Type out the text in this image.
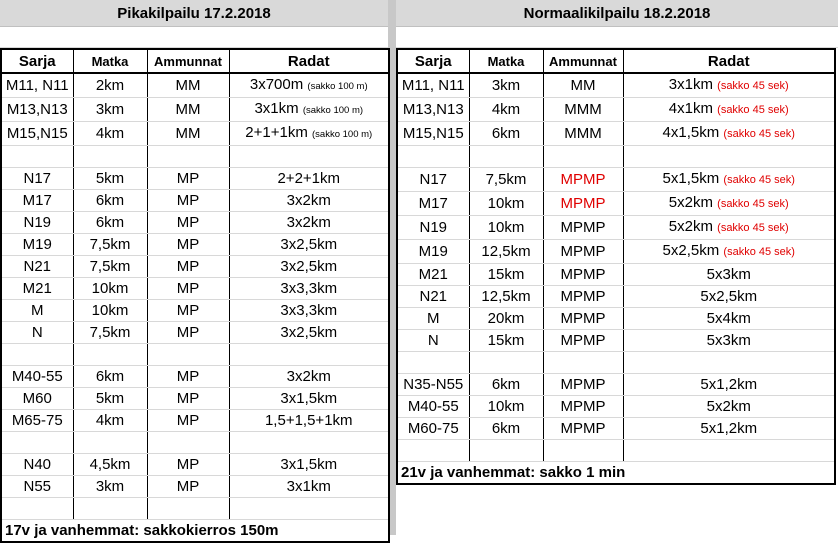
Pikakilpailu 17.2.2018
Sarja	Matka	Ammunnat	Radat
M11, N11	2km	MM	3x700m (sakko 100 m)
M13,N13	3km	MM	3x1km (sakko 100 m)
M15,N15	4km	MM	2+1+1km (sakko 100 m)

N17	5km	MP	2+2+1km
M17	6km	MP	3x2km
N19	6km	MP	3x2km
M19	7,5km	MP	3x2,5km
N21	7,5km	MP	3x2,5km
M21	10km	MP	3x3,3km
M	10km	MP	3x3,3km
N	7,5km	MP	3x2,5km

M40-55	6km	MP	3x2km
M60	5km	MP	3x1,5km
M65-75	4km	MP	1,5+1,5+1km

N40	4,5km	MP	3x1,5km
N55	3km	MP	3x1km

17v ja vanhemmat: sakkokierros 150m			
Normaalikilpailu 18.2.2018
Sarja	Matka	Ammunnat	Radat
M11, N11	3km	MM	3x1km (sakko 45 sek)
M13,N13	4km	MMM	4x1km (sakko 45 sek)
M15,N15	6km	MMM	4x1,5km (sakko 45 sek)

N17	7,5km	MPMP	5x1,5km (sakko 45 sek)
M17	10km	MPMP	5x2km (sakko 45 sek)
N19	10km	MPMP	5x2km (sakko 45 sek)
M19	12,5km	MPMP	5x2,5km (sakko 45 sek)
M21	15km	MPMP	5x3km
N21	12,5km	MPMP	5x2,5km
M	20km	MPMP	5x4km
N	15km	MPMP	5x3km

N35-N55	6km	MPMP	5x1,2km
M40-55	10km	MPMP	5x2km
M60-75	6km	MPMP	5x1,2km

21v ja vanhemmat: sakko 1 min			
